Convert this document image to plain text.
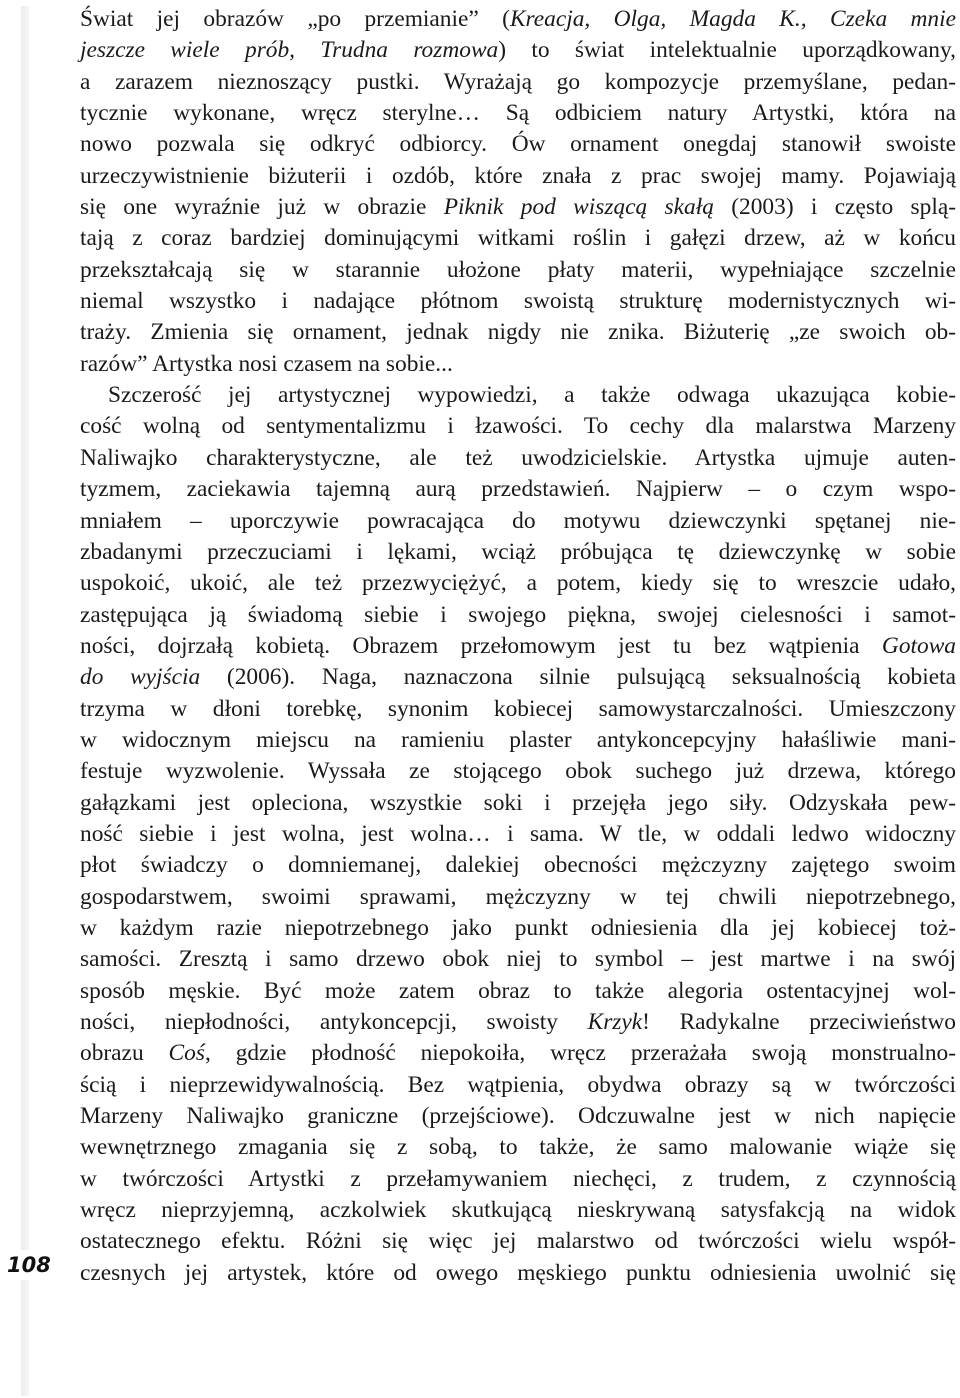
108
Świat jej obrazów „po przemianie” (Kreacja, Olga, Magda K., Czeka mnie
jeszcze wiele prób, Trudna rozmowa) to świat intelektualnie uporządkowany,
a zarazem nieznoszący pustki. Wyrażają go kompozycje przemyślane, pedan-
tycznie wykonane, wręcz sterylne… Są odbiciem natury Artystki, która na
nowo pozwala się odkryć odbiorcy. Ów ornament onegdaj stanowił swoiste
urzeczywistnienie biżuterii i ozdób, które znała z prac swojej mamy. Pojawiają
się one wyraźnie już w obrazie Piknik pod wiszącą skałą (2003) i często splą-
tają z coraz bardziej dominującymi witkami roślin i gałęzi drzew, aż w końcu
przekształcają się w starannie ułożone płaty materii, wypełniające szczelnie
niemal wszystko i nadające płótnom swoistą strukturę modernistycznych wi-
traży. Zmienia się ornament, jednak nigdy nie znika. Biżuterię „ze swoich ob-
razów” Artystka nosi czasem na sobie...
Szczerość jej artystycznej wypowiedzi, a także odwaga ukazująca kobie-
cość wolną od sentymentalizmu i łzawości. To cechy dla malarstwa Marzeny
Naliwajko charakterystyczne, ale też uwodzicielskie. Artystka ujmuje auten-
tyzmem, zaciekawia tajemną aurą przedstawień. Najpierw – o czym wspo-
mniałem – uporczywie powracająca do motywu dziewczynki spętanej nie-
zbadanymi przeczuciami i lękami, wciąż próbująca tę dziewczynkę w sobie
uspokoić, ukoić, ale też przezwyciężyć, a potem, kiedy się to wreszcie udało,
zastępująca ją świadomą siebie i swojego piękna, swojej cielesności i samot-
ności, dojrzałą kobietą. Obrazem przełomowym jest tu bez wątpienia Gotowa
do wyjścia (2006). Naga, naznaczona silnie pulsującą seksualnością kobieta
trzyma w dłoni torebkę, synonim kobiecej samowystarczalności. Umieszczony
w widocznym miejscu na ramieniu plaster antykoncepcyjny hałaśliwie mani-
festuje wyzwolenie. Wyssała ze stojącego obok suchego już drzewa, którego
gałązkami jest opleciona, wszystkie soki i przejęła jego siły. Odzyskała pew-
ność siebie i jest wolna, jest wolna… i sama. W tle, w oddali ledwo widoczny
płot świadczy o domniemanej, dalekiej obecności mężczyzny zajętego swoim
gospodarstwem, swoimi sprawami, mężczyzny w tej chwili niepotrzebnego,
w każdym razie niepotrzebnego jako punkt odniesienia dla jej kobiecej toż-
samości. Zresztą i samo drzewo obok niej to symbol – jest martwe i na swój
sposób męskie. Być może zatem obraz to także alegoria ostentacyjnej wol-
ności, niepłodności, antykoncepcji, swoisty Krzyk! Radykalne przeciwieństwo
obrazu Coś, gdzie płodność niepokoiła, wręcz przerażała swoją monstrualno-
ścią i nieprzewidywalnością. Bez wątpienia, obydwa obrazy są w twórczości
Marzeny Naliwajko graniczne (przejściowe). Odczuwalne jest w nich napięcie
wewnętrznego zmagania się z sobą, to także, że samo malowanie wiąże się
w twórczości Artystki z przełamywaniem niechęci, z trudem, z czynnością
wręcz nieprzyjemną, aczkolwiek skutkującą nieskrywaną satysfakcją na widok
ostatecznego efektu. Różni się więc jej malarstwo od twórczości wielu współ-
czesnych jej artystek, które od owego męskiego punktu odniesienia uwolnić się
